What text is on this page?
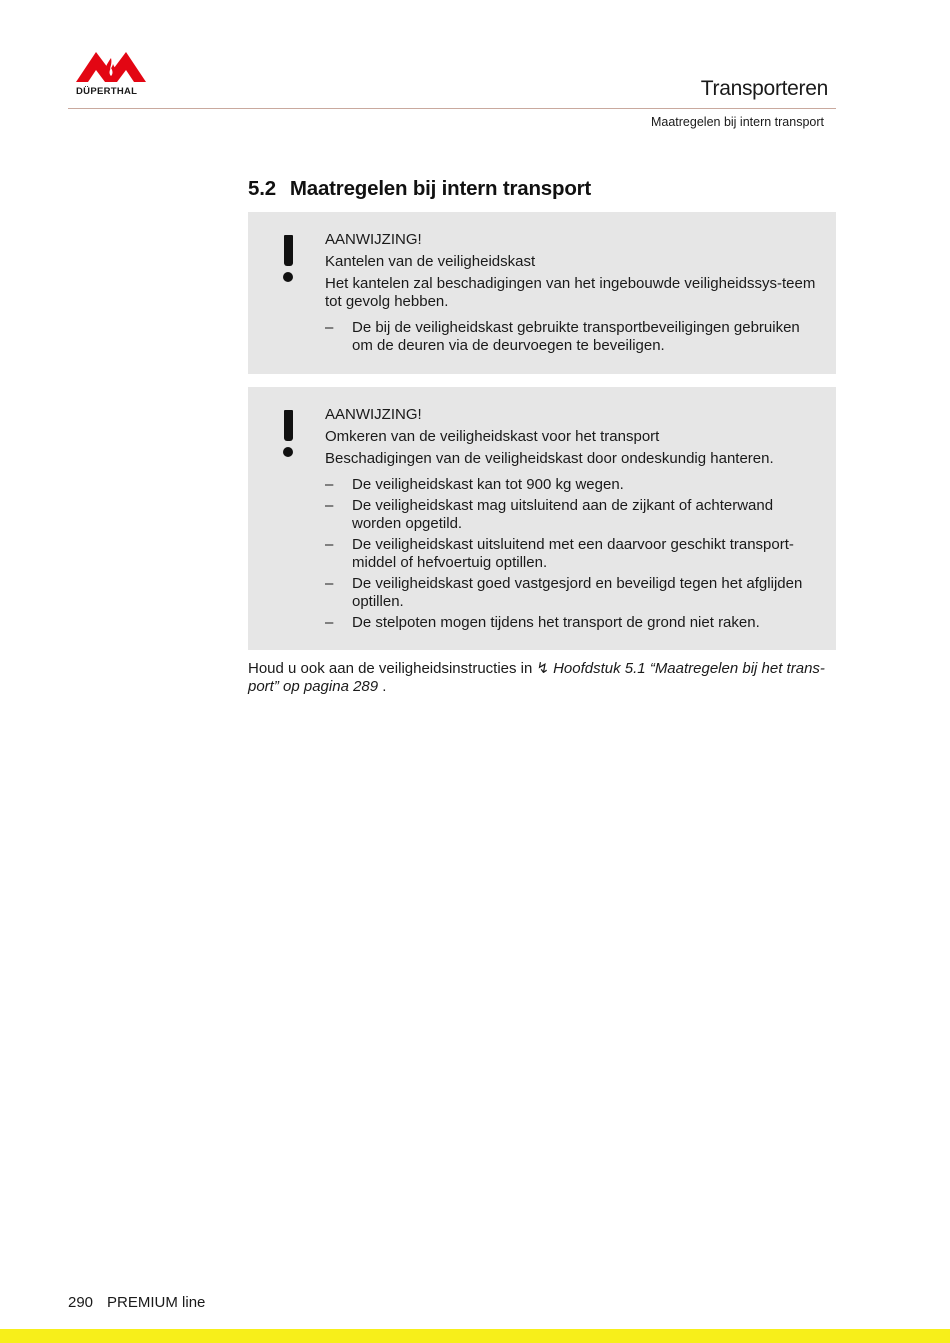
DÜPERTHAL	Transporteren
Maatregelen bij intern transport
5.2 Maatregelen bij intern transport
AANWIJZING!
Kantelen van de veiligheidskast
Het kantelen zal beschadigingen van het ingebouwde veiligheidssys-teem tot gevolg hebben.
– De bij de veiligheidskast gebruikte transportbeveiligingen gebruiken om de deuren via de deurvoegen te beveiligen.
AANWIJZING!
Omkeren van de veiligheidskast voor het transport
Beschadigingen van de veiligheidskast door ondeskundig hanteren.
– De veiligheidskast kan tot 900 kg wegen.
– De veiligheidskast mag uitsluitend aan de zijkant of achterwand worden opgetild.
– De veiligheidskast uitsluitend met een daarvoor geschikt transport-middel of hefvoertuig optillen.
– De veiligheidskast goed vastgesjord en beveiligd tegen het afglijden optillen.
– De stelpoten mogen tijdens het transport de grond niet raken.
Houd u ook aan de veiligheidsinstructies in ↯ Hoofdstuk 5.1 “Maatregelen bij het trans-port” op pagina 289 .
290 PREMIUM line
